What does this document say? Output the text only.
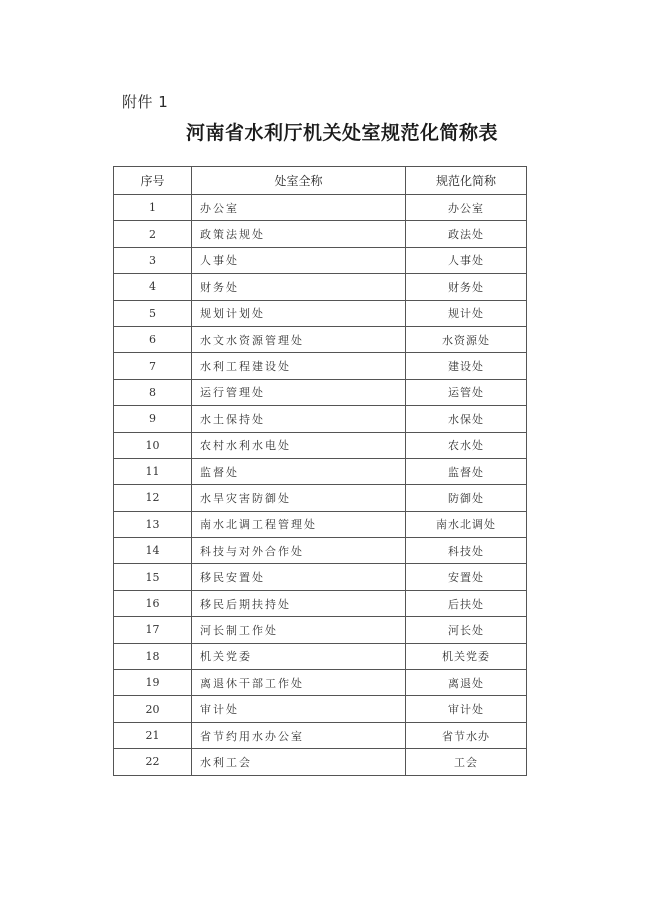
附件 1
河南省水利厅机关处室规范化简称表
序号	处室全称	规范化简称
1	办公室	办公室
2	政策法规处	政法处
3	人事处	人事处
4	财务处	财务处
5	规划计划处	规计处
6	水文水资源管理处	水资源处
7	水利工程建设处	建设处
8	运行管理处	运管处
9	水土保持处	水保处
10	农村水利水电处	农水处
11	监督处	监督处
12	水旱灾害防御处	防御处
13	南水北调工程管理处	南水北调处
14	科技与对外合作处	科技处
15	移民安置处	安置处
16	移民后期扶持处	后扶处
17	河长制工作处	河长处
18	机关党委	机关党委
19	离退休干部工作处	离退处
20	审计处	审计处
21	省节约用水办公室	省节水办
22	水利工会	工会
